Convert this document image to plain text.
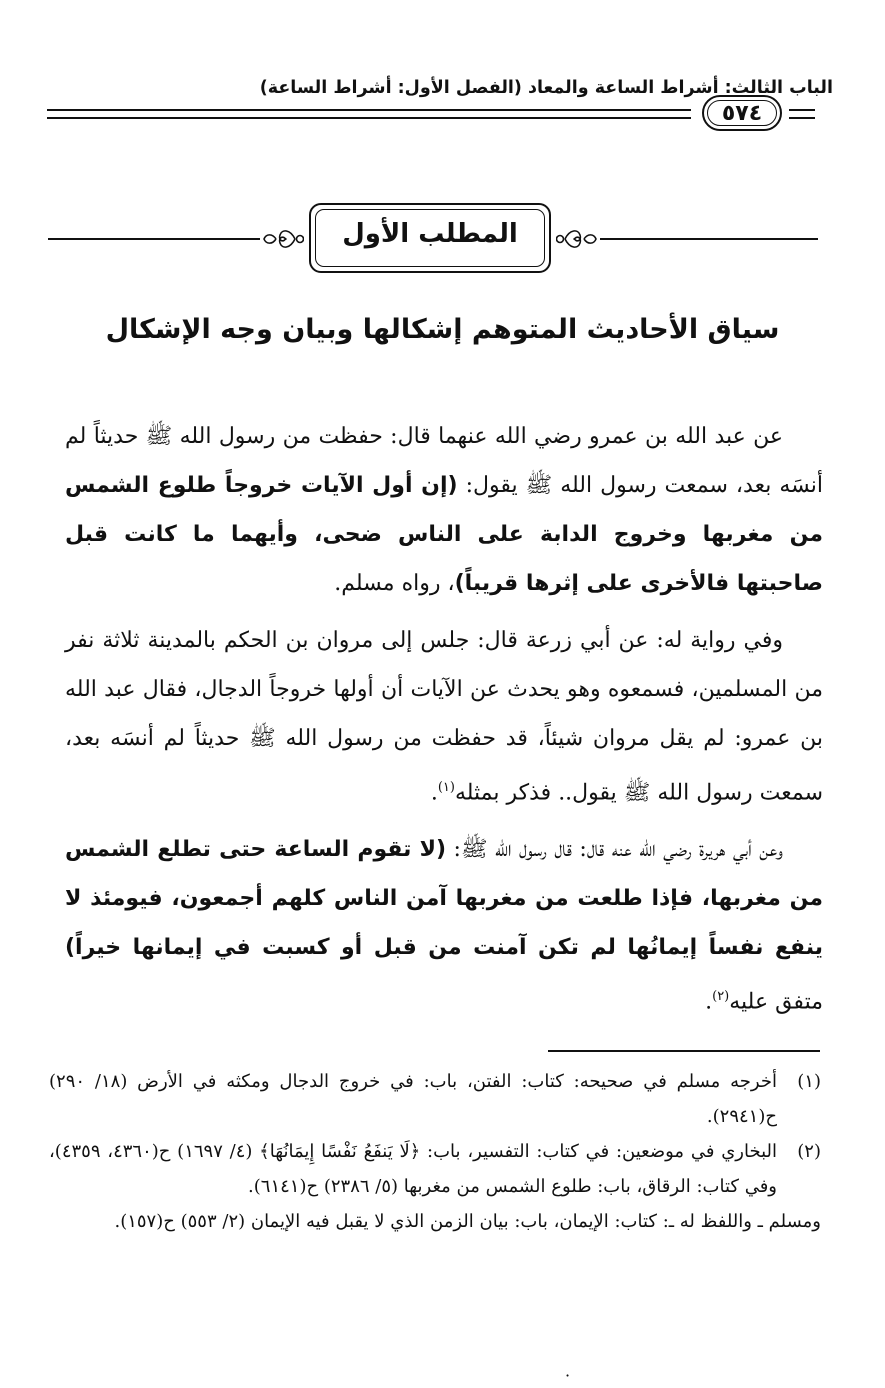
الباب الثالث: أشراط الساعة والمعاد (الفصل الأول: أشراط الساعة)
٥٧٤
المطلب الأول
سياق الأحاديث المتوهم إشكالها وبيان وجه الإشكال

عن عبد الله بن عمرو رضي الله عنهما قال: حفظت من رسول الله ﷺ حديثاً لم أنسَه بعد، سمعت رسول الله ﷺ يقول: (إن أول الآيات خروجاً طلوع الشمس من مغربها وخروج الدابة على الناس ضحى، وأيهما ما كانت قبل صاحبتها فالأخرى على إثرها قريباً)، رواه مسلم.

وفي رواية له: عن أبي زرعة قال: جلس إلى مروان بن الحكم بالمدينة ثلاثة نفر من المسلمين، فسمعوه وهو يحدث عن الآيات أن أولها خروجاً الدجال، فقال عبد الله بن عمرو: لم يقل مروان شيئاً، قد حفظت من رسول الله ﷺ حديثاً لم أنسَه بعد، سمعت رسول الله ﷺ يقول.. فذكر بمثله$^{(١)}$.

وعن أبي هريرة رضي الله عنه قال: قال رسول الله ﷺ: (لا تقوم الساعة حتى تطلع الشمس من مغربها، فإذا طلعت من مغربها آمن الناس كلهم أجمعون، فيومئذ لا ينفع نفساً إيمانُها لم تكن آمنت من قبل أو كسبت في إيمانها خيراً) متفق عليه$^{(٢)}$.

(١)
أخرجه مسلم في صحيحه: كتاب: الفتن، باب: في خروج الدجال ومكثه في الأرض (١٨/ ٢٩٠) ح(٢٩٤١).
(٢)
البخاري في موضعين: في كتاب: التفسير، باب: ﴿لَا يَنفَعُ نَفْسًا إِيمَانُهَا﴾ (٤/ ١٦٩٧) ح(٤٣٦٠، ٤٣٥٩)، وفي كتاب: الرقاق، باب: طلوع الشمس من مغربها (٥/ ٢٣٨٦) ح(٦١٤١).
ومسلم ـ واللفظ له ـ: كتاب: الإيمان، باب: بيان الزمن الذي لا يقبل فيه الإيمان (٢/ ٥٥٣) ح(١٥٧).
·
